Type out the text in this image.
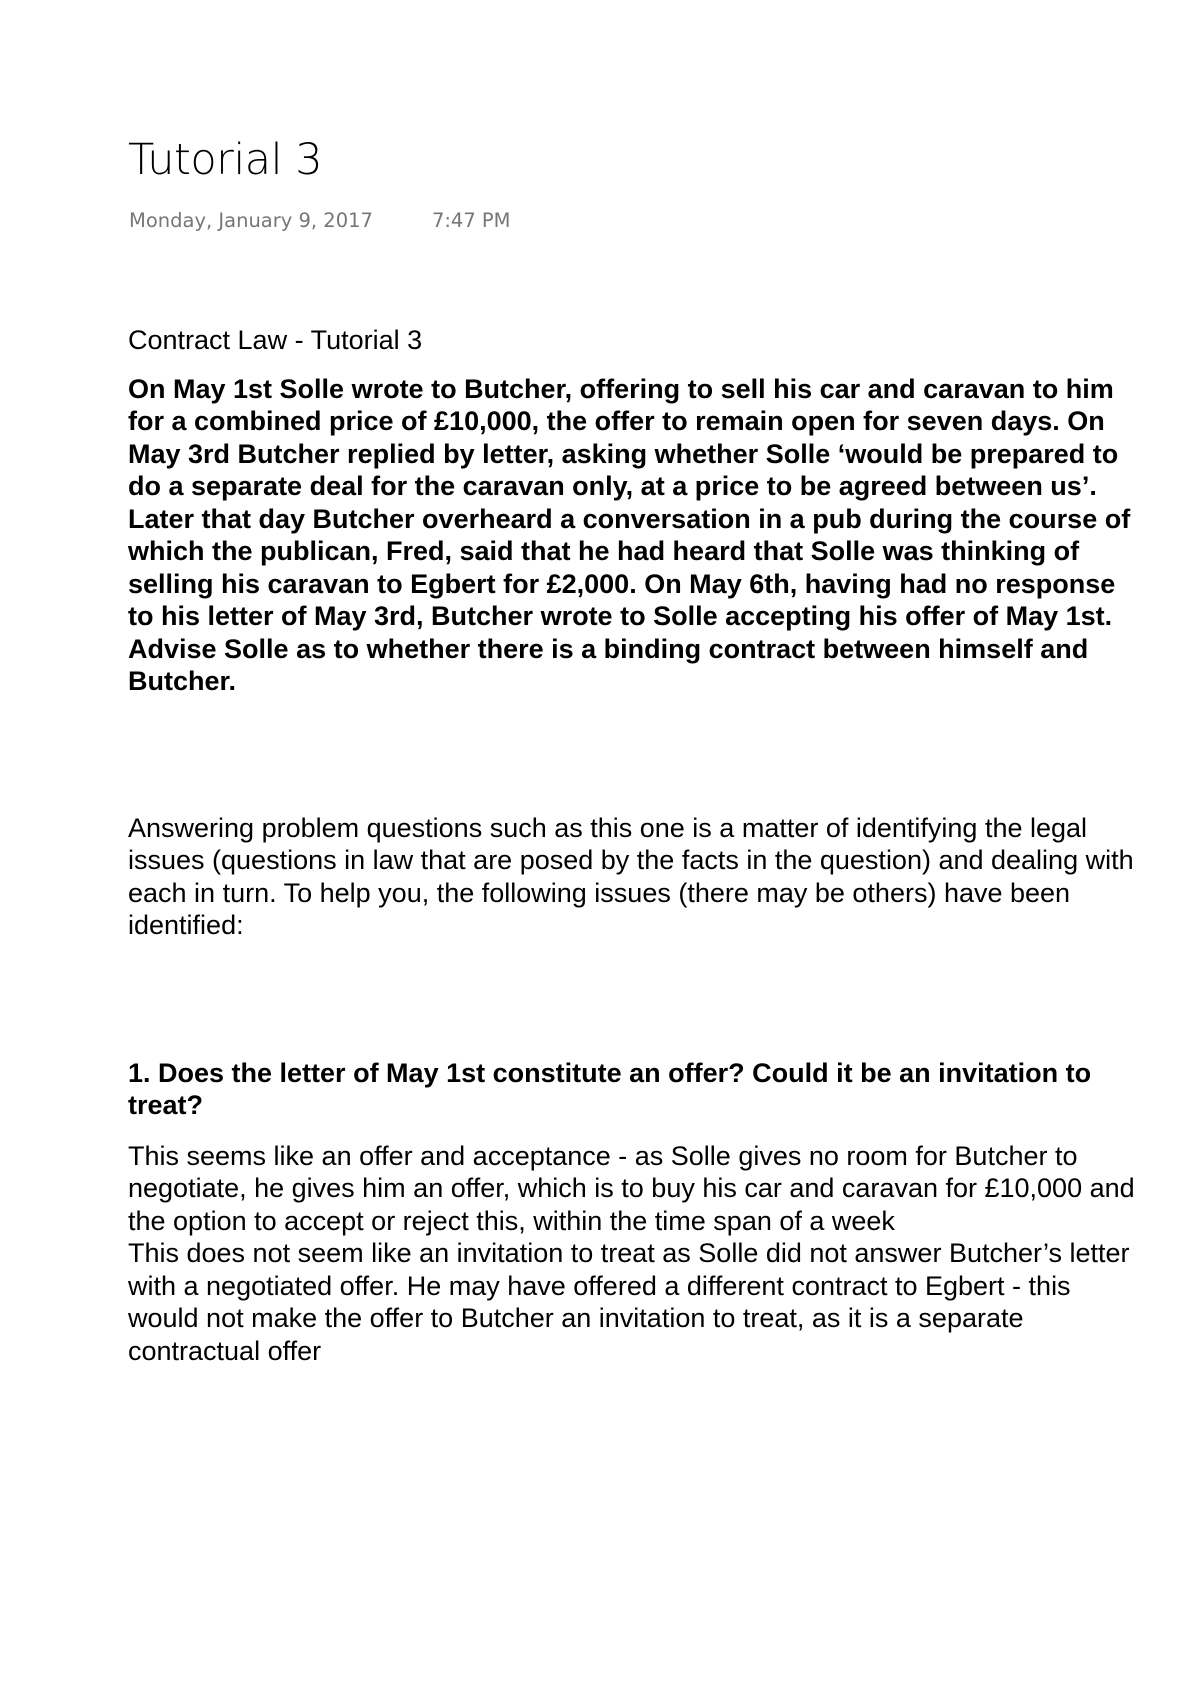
Tutorial 3
Monday, January 9, 2017	7:47 PM

Contract Law - Tutorial 3

On May 1st Solle wrote to Butcher, offering to sell his car and caravan to him for a combined price of £10,000, the offer to remain open for seven days. On May 3rd Butcher replied by letter, asking whether Solle ‘would be prepared to do a separate deal for the caravan only, at a price to be agreed between us’. Later that day Butcher overheard a conversation in a pub during the course of which the publican, Fred, said that he had heard that Solle was thinking of selling his caravan to Egbert for £2,000. On May 6th, having had no response to his letter of May 3rd, Butcher wrote to Solle accepting his offer of May 1st. Advise Solle as to whether there is a binding contract between himself and Butcher.

Answering problem questions such as this one is a matter of identifying the legal issues (questions in law that are posed by the facts in the question) and dealing with each in turn. To help you, the following issues (there may be others) have been identified:

1. Does the letter of May 1st constitute an offer? Could it be an invitation to treat?

This seems like an offer and acceptance - as Solle gives no room for Butcher to negotiate, he gives him an offer, which is to buy his car and caravan for £10,000 and the option to accept or reject this, within the time span of a week

This does not seem like an invitation to treat as Solle did not answer Butcher’s letter with a negotiated offer. He may have offered a different contract to Egbert - this would not make the offer to Butcher an invitation to treat, as it is a separate contractual offer
